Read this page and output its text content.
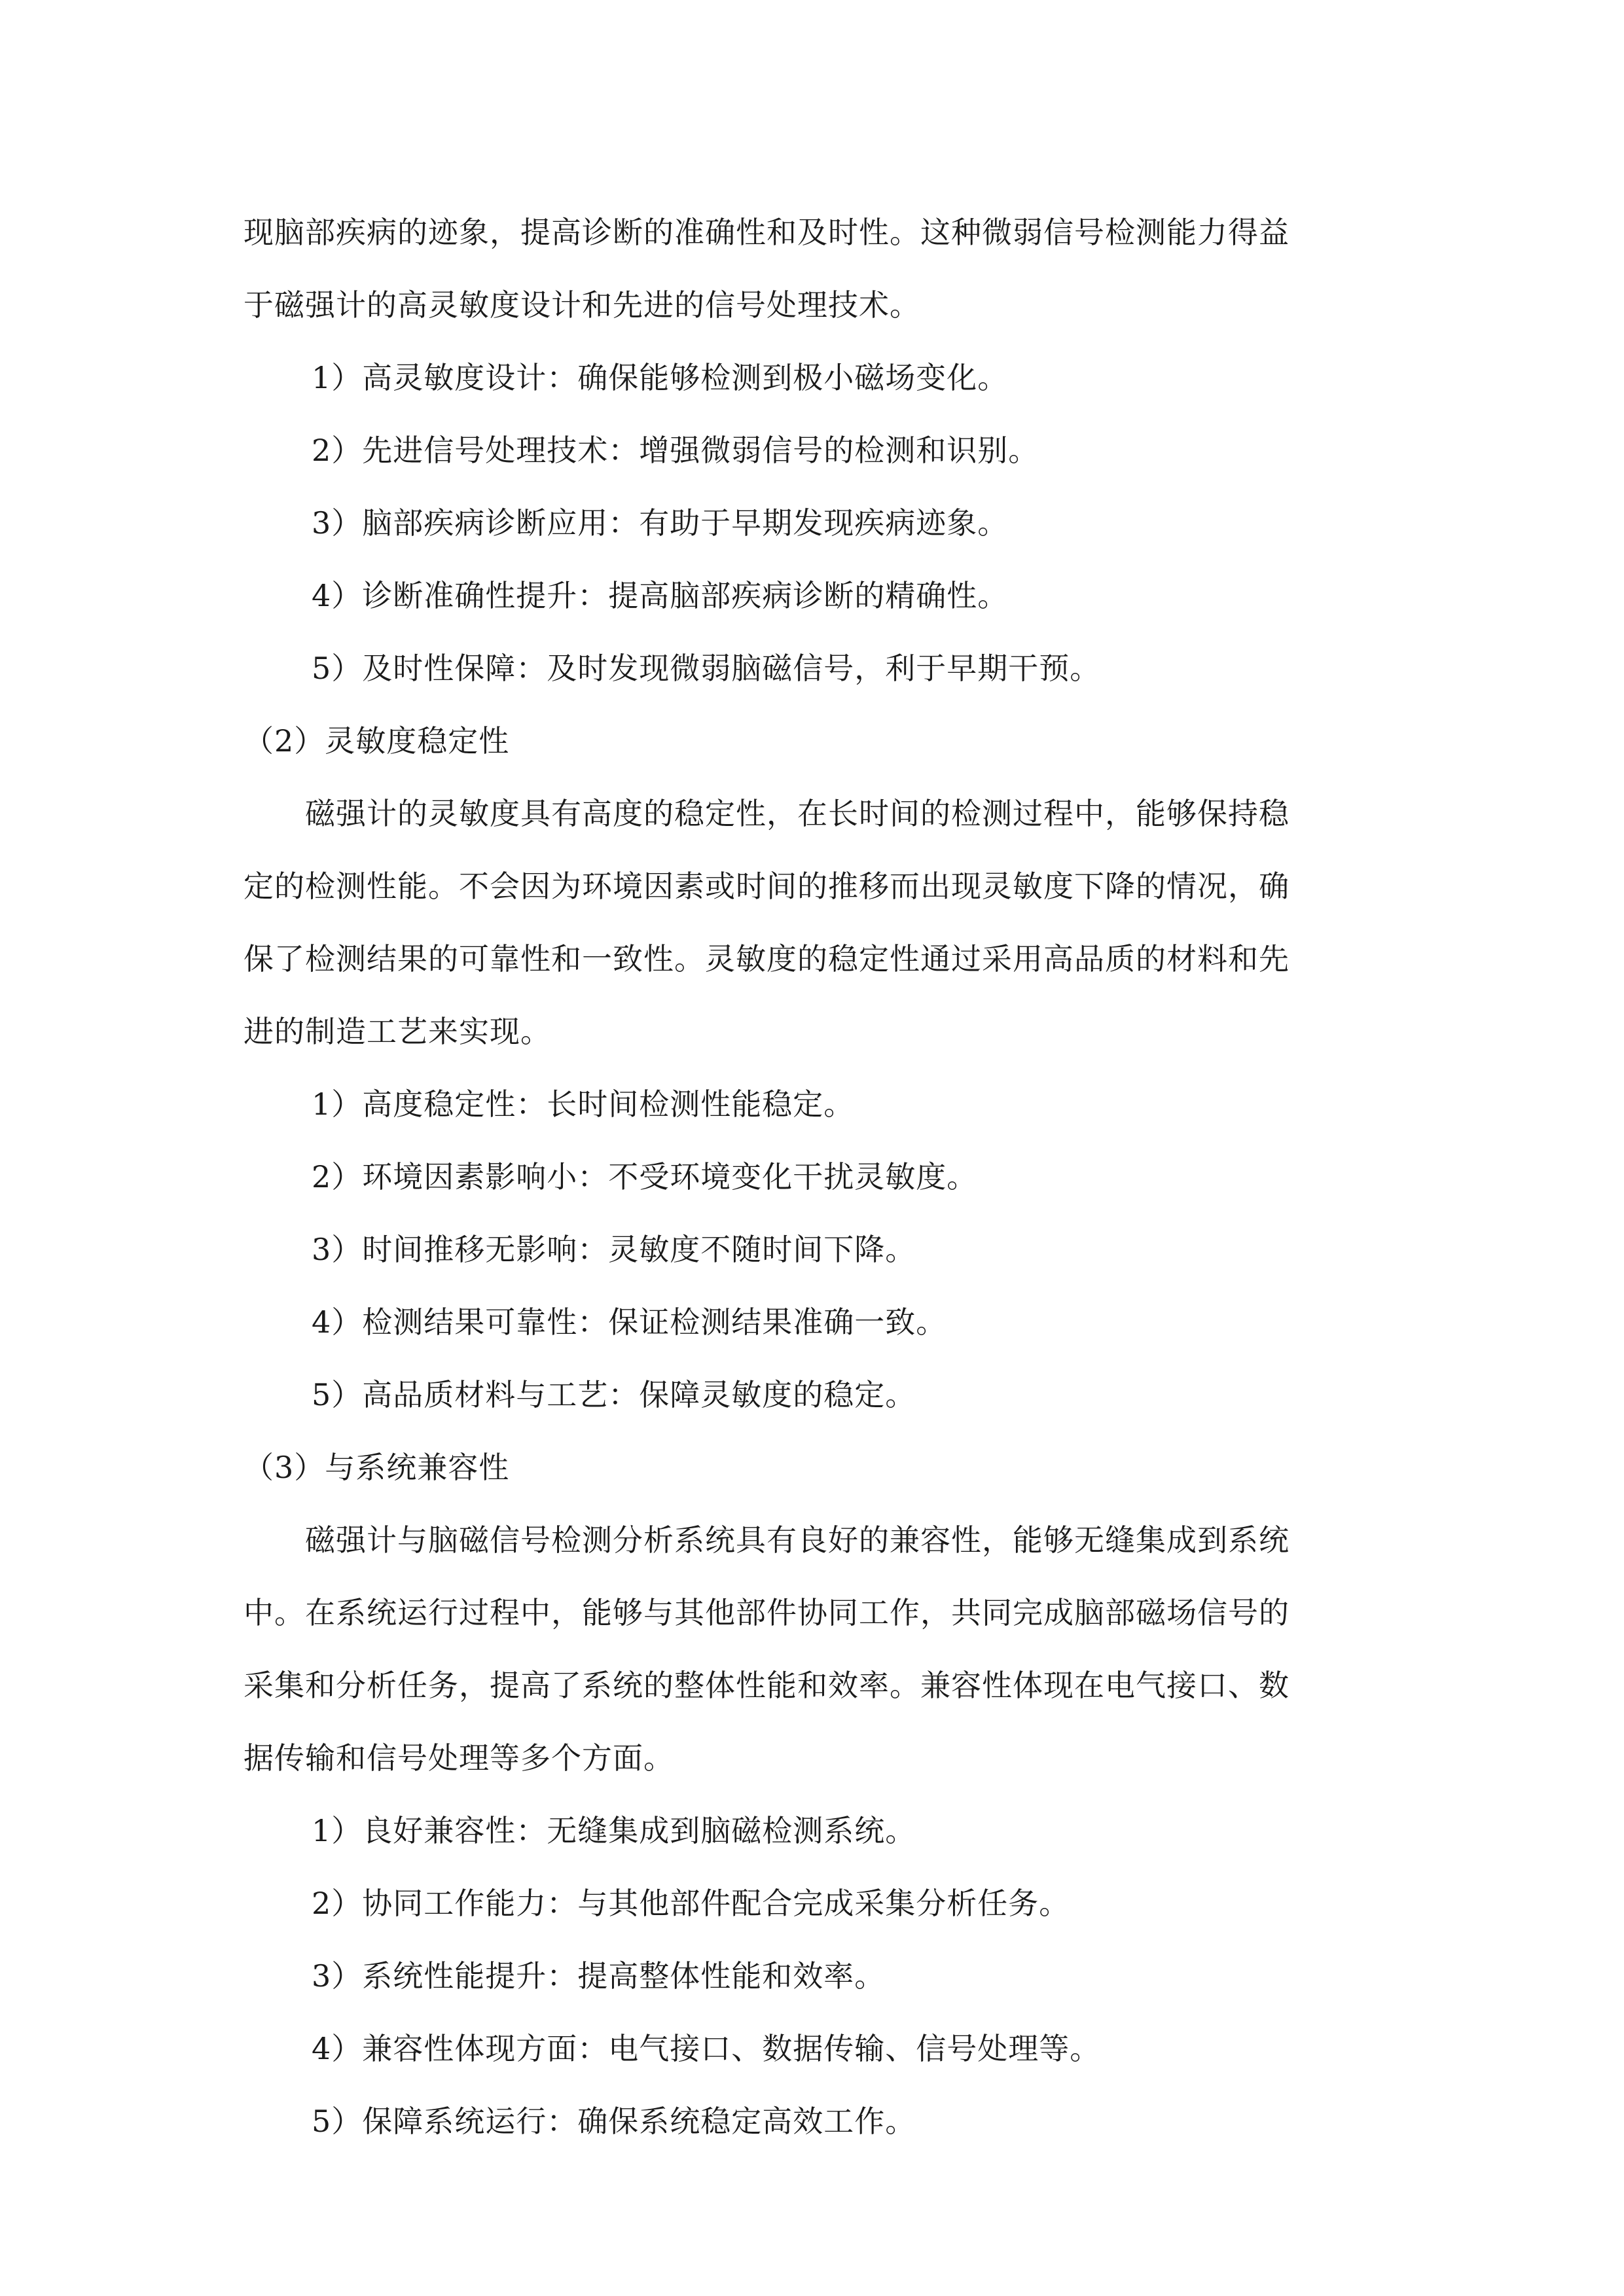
现脑部疾病的迹象，提高诊断的准确性和及时性。这种微弱信号检测能力得益
于磁强计的高灵敏度设计和先进的信号处理技术。
1）高灵敏度设计：确保能够检测到极小磁场变化。
2）先进信号处理技术：增强微弱信号的检测和识别。
3）脑部疾病诊断应用：有助于早期发现疾病迹象。
4）诊断准确性提升：提高脑部疾病诊断的精确性。
5）及时性保障：及时发现微弱脑磁信号，利于早期干预。
（2）灵敏度稳定性
　　磁强计的灵敏度具有高度的稳定性，在长时间的检测过程中，能够保持稳
定的检测性能。不会因为环境因素或时间的推移而出现灵敏度下降的情况，确
保了检测结果的可靠性和一致性。灵敏度的稳定性通过采用高品质的材料和先
进的制造工艺来实现。
1）高度稳定性：长时间检测性能稳定。
2）环境因素影响小：不受环境变化干扰灵敏度。
3）时间推移无影响：灵敏度不随时间下降。
4）检测结果可靠性：保证检测结果准确一致。
5）高品质材料与工艺：保障灵敏度的稳定。
（3）与系统兼容性
　　磁强计与脑磁信号检测分析系统具有良好的兼容性，能够无缝集成到系统
中。在系统运行过程中，能够与其他部件协同工作，共同完成脑部磁场信号的
采集和分析任务，提高了系统的整体性能和效率。兼容性体现在电气接口、数
据传输和信号处理等多个方面。
1）良好兼容性：无缝集成到脑磁检测系统。
2）协同工作能力：与其他部件配合完成采集分析任务。
3）系统性能提升：提高整体性能和效率。
4）兼容性体现方面：电气接口、数据传输、信号处理等。
5）保障系统运行：确保系统稳定高效工作。
